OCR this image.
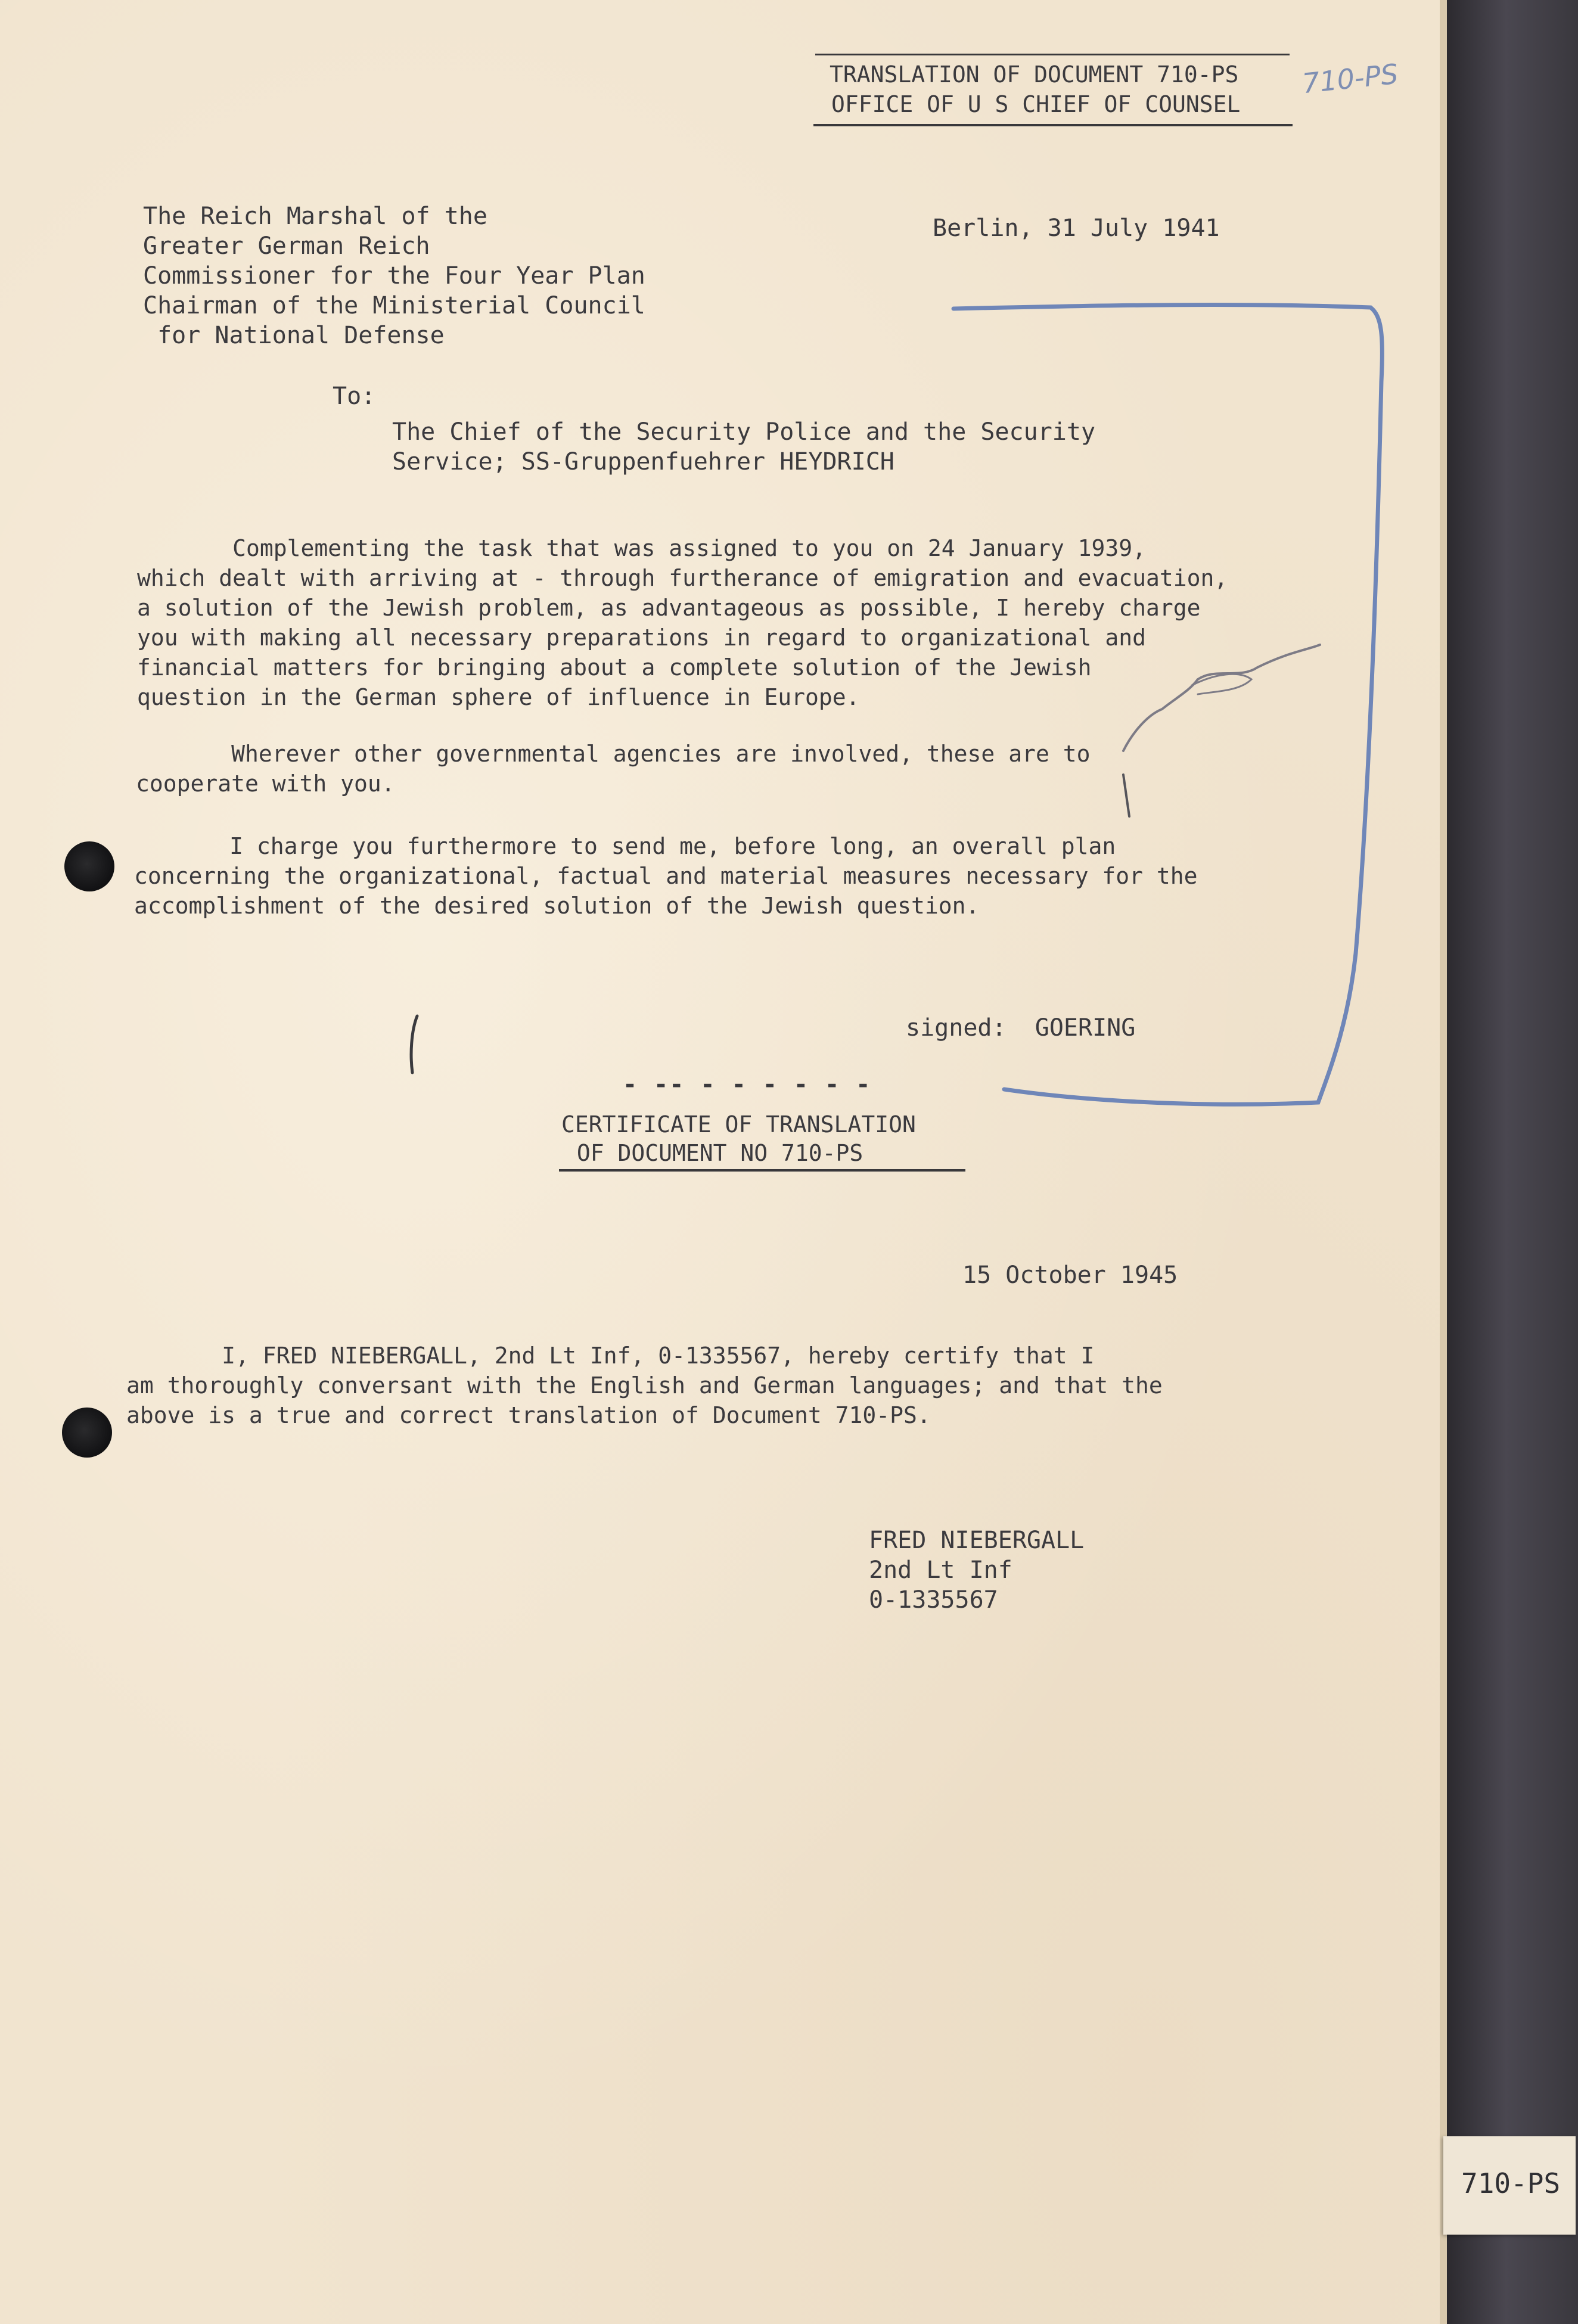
TRANSLATION OF DOCUMENT 710-PS
OFFICE OF U S CHIEF OF COUNSEL
710-PS
The Reich Marshal of the
Greater German Reich
Commissioner for the Four Year Plan
Chairman of the Ministerial Council
for National Defense
Berlin, 31 July 1941
To:
The Chief of the Security Police and the Security
Service; SS-Gruppenfuehrer HEYDRICH
Complementing the task that was assigned to you on 24 January 1939,
which dealt with arriving at - through furtherance of emigration and evacuation,
a solution of the Jewish problem, as advantageous as possible, I hereby charge
you with making all necessary preparations in regard to organizational and
financial matters for bringing about a complete solution of the Jewish
question in the German sphere of influence in Europe.
Wherever other governmental agencies are involved, these are to
cooperate with you.
I charge you furthermore to send me, before long, an overall plan
concerning the organizational, factual and material measures necessary for the
accomplishment of the desired solution of the Jewish question.
signed:  GOERING
- -- - - - - - -
CERTIFICATE OF TRANSLATION
OF DOCUMENT NO 710-PS
15 October 1945
I, FRED NIEBERGALL, 2nd Lt Inf, 0-1335567, hereby certify that I
am thoroughly conversant with the English and German languages; and that the
above is a true and correct translation of Document 710-PS.
FRED NIEBERGALL
2nd Lt Inf
0-1335567
710-PS
